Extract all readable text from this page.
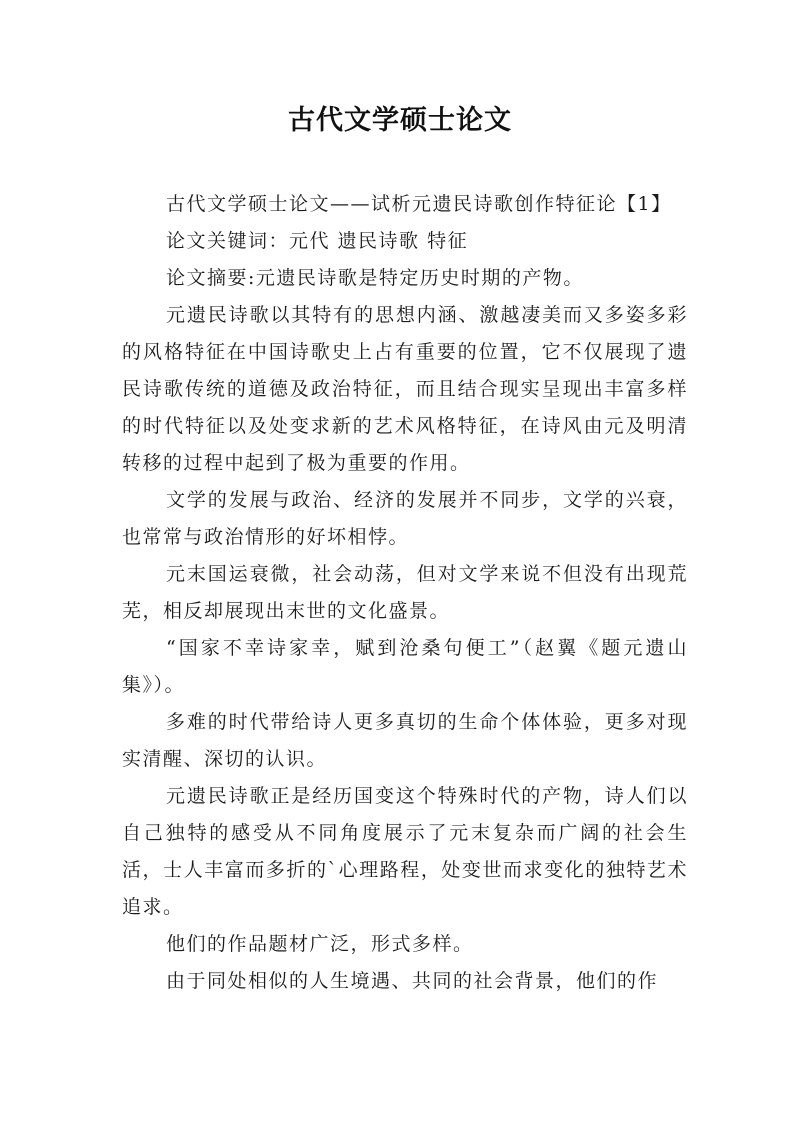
古代文学硕士论文

古代文学硕士论文——试析元遗民诗歌创作特征论【1】

论文关键词：元代 遗民诗歌 特征

论文摘要:元遗民诗歌是特定历史时期的产物。

元遗民诗歌以其特有的思想内涵、激越凄美而又多姿多彩的风格特征在中国诗歌史上占有重要的位置，它不仅展现了遗民诗歌传统的道德及政治特征，而且结合现实呈现出丰富多样的时代特征以及处变求新的艺术风格特征，在诗风由元及明清转移的过程中起到了极为重要的作用。

文学的发展与政治、经济的发展并不同步，文学的兴衰，也常常与政治情形的好坏相悖。

元末国运衰微，社会动荡，但对文学来说不但没有出现荒芜，相反却展现出末世的文化盛景。

“国家不幸诗家幸，赋到沧桑句便工”（赵翼《题元遗山集》）。

多难的时代带给诗人更多真切的生命个体体验，更多对现实清醒、深切的认识。

元遗民诗歌正是经历国变这个特殊时代的产物，诗人们以自己独特的感受从不同角度展示了元末复杂而广阔的社会生活，士人丰富而多折的`心理路程，处变世而求变化的独特艺术追求。

他们的作品题材广泛，形式多样。

由于同处相似的人生境遇、共同的社会背景，他们的作
